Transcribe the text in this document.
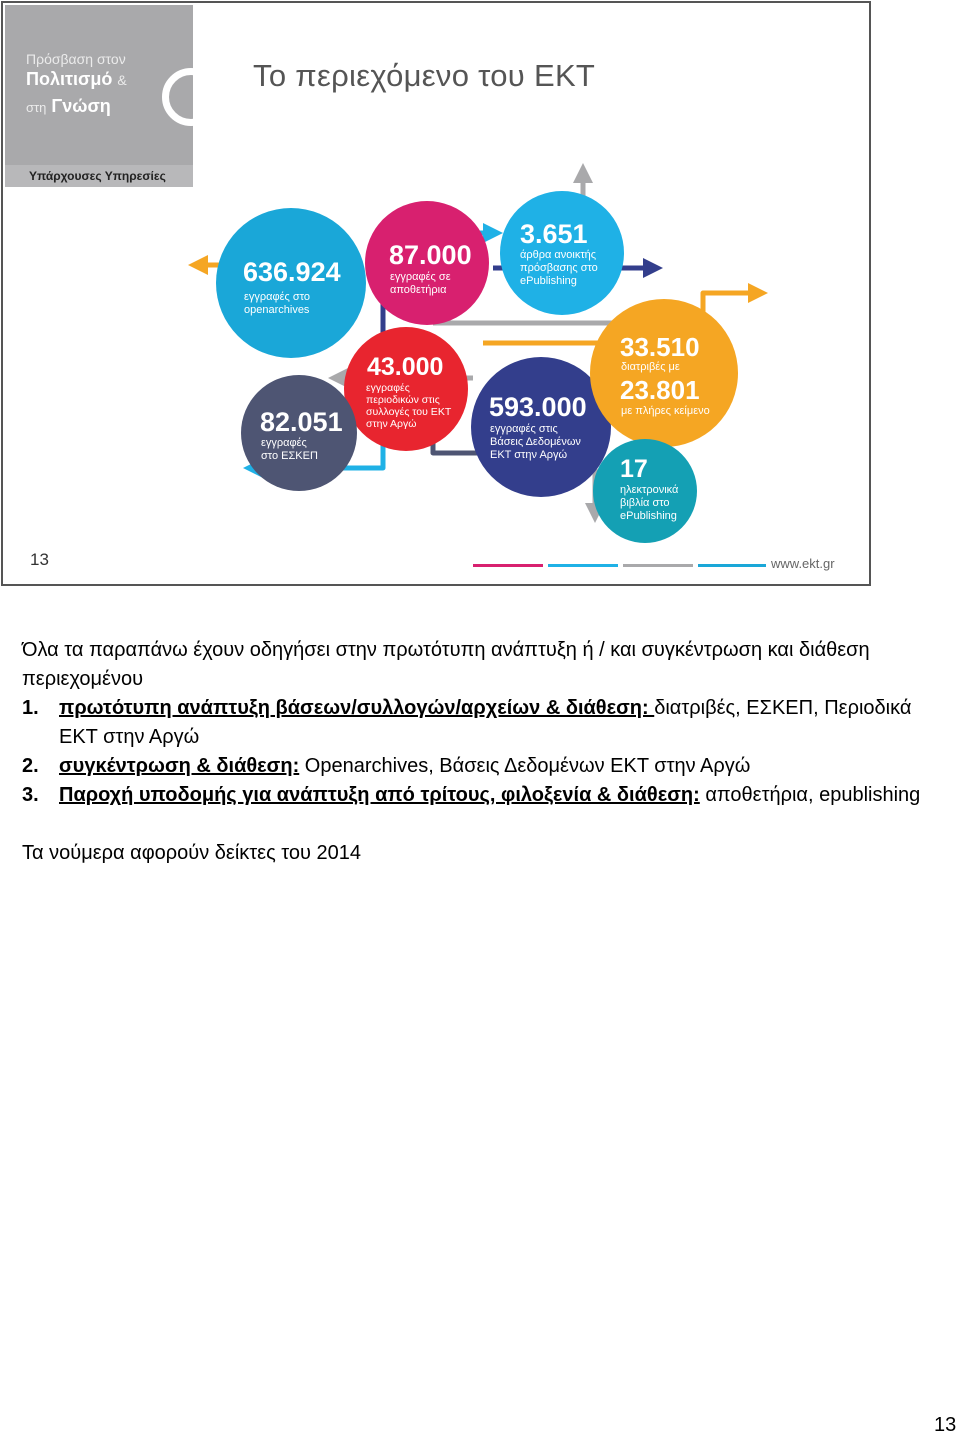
Πρόσβαση στον
Πολιτισμό &
στη Γνώση
Υπάρχουσες Υπηρεσίες
Το περιεχόμενο του ΕΚΤ
636.924
εγγραφές στο
openarchives
87.000
εγγραφές σε
αποθετήρια
3.651
άρθρα ανοικτής
πρόσβασης στο
ePublishing
43.000
εγγραφές
περιοδικών στις
συλλογές του ΕΚΤ
στην Αργώ
82.051
εγγραφές
στο ΕΣΚΕΠ
593.000
εγγραφές στις
Βάσεις Δεδομένων
ΕΚΤ στην Αργώ
33.510
διατριβές με
23.801
με πλήρες κείμενο
17
ηλεκτρονικά
βιβλία στο
ePublishing
13	www.ekt.gr

Όλα τα παραπάνω έχουν οδηγήσει στην πρωτότυπη ανάπτυξη ή / και συγκέντρωση και διάθεση περιεχομένου

1. πρωτότυπη ανάπτυξη βάσεων/συλλογών/αρχείων & διάθεση: διατριβές, ΕΣΚΕΠ, Περιοδικά ΕΚΤ στην Αργώ
2. συγκέντρωση & διάθεση: Openarchives, Βάσεις Δεδομένων ΕΚΤ στην Αργώ
3. Παροχή υποδομής για ανάπτυξη από τρίτους, φιλοξενία & διάθεση: αποθετήρια, epublishing

Τα νούμερα αφορούν δείκτες του 2014

13
